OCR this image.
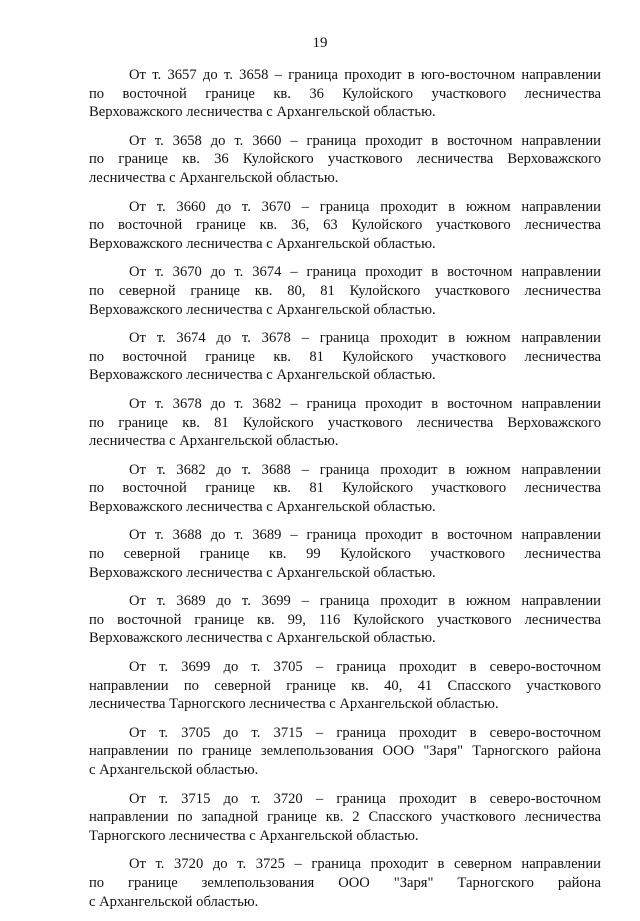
19

От т. 3657 до т. 3658 – граница проходит в юго-восточном направлении
по восточной границе кв. 36 Кулойского участкового лесничества
Верховажского лесничества с Архангельской областью.

От т. 3658 до т. 3660 – граница проходит в восточном направлении
по границе кв. 36 Кулойского участкового лесничества Верховажского
лесничества с Архангельской областью.

От т. 3660 до т. 3670 – граница проходит в южном направлении
по восточной границе кв. 36, 63 Кулойского участкового лесничества
Верховажского лесничества с Архангельской областью.

От т. 3670 до т. 3674 – граница проходит в восточном направлении
по северной границе кв. 80, 81 Кулойского участкового лесничества
Верховажского лесничества с Архангельской областью.

От т. 3674 до т. 3678 – граница проходит в южном направлении
по восточной границе кв. 81 Кулойского участкового лесничества
Верховажского лесничества с Архангельской областью.

От т. 3678 до т. 3682 – граница проходит в восточном направлении
по границе кв. 81 Кулойского участкового лесничества Верховажского
лесничества с Архангельской областью.

От т. 3682 до т. 3688 – граница проходит в южном направлении
по восточной границе кв. 81 Кулойского участкового лесничества
Верховажского лесничества с Архангельской областью.

От т. 3688 до т. 3689 – граница проходит в восточном направлении
по северной границе кв. 99 Кулойского участкового лесничества
Верховажского лесничества с Архангельской областью.

От т. 3689 до т. 3699 – граница проходит в южном направлении
по восточной границе кв. 99, 116 Кулойского участкового лесничества
Верховажского лесничества с Архангельской областью.

От т. 3699 до т. 3705 – граница проходит в северо-восточном
направлении по северной границе кв. 40, 41 Спасского участкового
лесничества Тарногского лесничества с Архангельской областью.

От т. 3705 до т. 3715 – граница проходит в северо-восточном
направлении по границе землепользования ООО "Заря" Тарногского района
с Архангельской областью.

От т. 3715 до т. 3720 – граница проходит в северо-восточном
направлении по западной границе кв. 2 Спасского участкового лесничества
Тарногского лесничества с Архангельской областью.

От т. 3720 до т. 3725 – граница проходит в северном направлении
по границе землепользования ООО "Заря" Тарногского района
с Архангельской областью.
